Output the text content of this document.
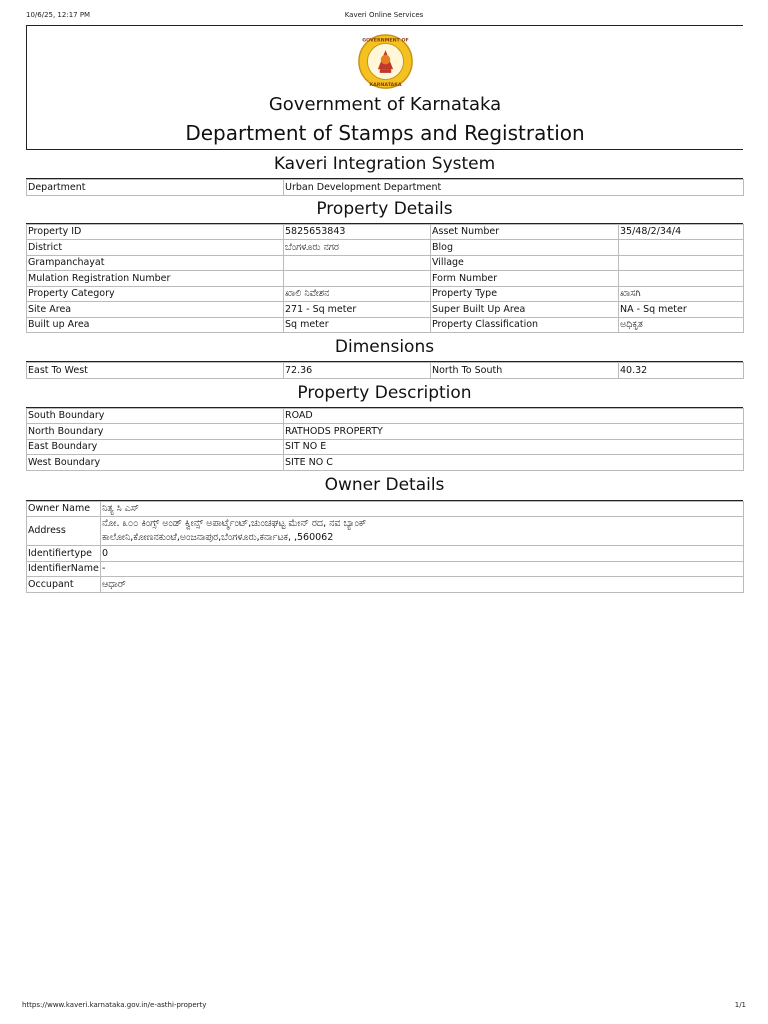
10/6/25, 12:17 PM	Kaveri Online Services
GOVERNMENT OF
KARNATAKA
Government of Karnataka
Department of Stamps and Registration
Kaveri Integration System
Department	Urban Development Department
Property Details
Property ID	5825653843	Asset Number	35/48/2/34/4
District	ಬೆಂಗಳೂರು ನಗರ	Blog	
Grampanchayat		Village	
Mulation Registration Number		Form Number	
Property Category	ಖಾಲಿ ನಿವೇಶನ	Property Type	ಖಾಸಗಿ
Site Area	271 - Sq meter	Super Built Up Area	NA - Sq meter
Built up Area	Sq meter	Property Classification	ಅಧಿಕೃತ
Dimensions
East To West	72.36	North To South	40.32
Property Description
South Boundary	ROAD
North Boundary	RATHODS PROPERTY
East Boundary	SIT NO E
West Boundary	SITE NO C
Owner Details
Owner Name	ನಿತ್ಯ ಸಿ ಎಸ್
Address	ನೋ. ೩೦೦ ಕಿಂಗ್ಸ್ ಅಂಡ್ ಕ್ವೀನ್ಸ್ ಅಪಾರ್ಟ್ಮೆಂಟ್,ಚುಂಚಘಟ್ಟ ಮೇನ್ ರದ, ನವ ಬ್ಯಾಂಕ್
ಕಾಲೋನಿ,ಕೋಣನಕುಂಟೆ,ಅಂಜನಾಪುರ,ಬೆಂಗಳೂರು,ಕರ್ನಾಟಕ, ,560062

Identifiertype	0
IdentifierName	-
Occupant	ಆಧಾರ್
https://www.kaveri.karnataka.gov.in/e-asthi-property	1/1
